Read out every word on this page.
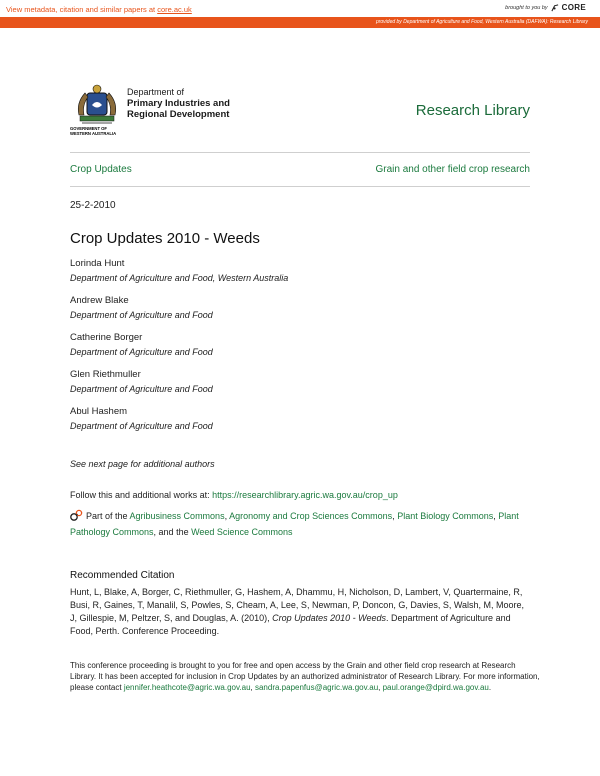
View metadata, citation and similar papers at core.ac.uk	brought to you by CORE
provided by Department of Agriculture and Food, Western Australia (DAFWA): Research Library
GOVERNMENT OF
WESTERN AUSTRALIA
Department of
Primary Industries and
Regional Development	Research Library
Crop Updates	Grain and other field crop research
25-2-2010
Crop Updates 2010 - Weeds
Lorinda Hunt
Department of Agriculture and Food, Western Australia
Andrew Blake
Department of Agriculture and Food
Catherine Borger
Department of Agriculture and Food
Glen Riethmuller
Department of Agriculture and Food
Abul Hashem
Department of Agriculture and Food
See next page for additional authors
Follow this and additional works at: https://researchlibrary.agric.wa.gov.au/crop_up
Part of the Agribusiness Commons, Agronomy and Crop Sciences Commons, Plant Biology Commons, Plant Pathology Commons, and the Weed Science Commons
Recommended Citation
Hunt, L, Blake, A, Borger, C, Riethmuller, G, Hashem, A, Dhammu, H, Nicholson, D, Lambert, V, Quartermaine, R, Busi, R, Gaines, T, Manalil, S, Powles, S, Cheam, A, Lee, S, Newman, P, Doncon, G, Davies, S, Walsh, M, Moore, J, Gillespie, M, Peltzer, S, and Douglas, A. (2010), Crop Updates 2010 - Weeds. Department of Agriculture and Food, Perth. Conference Proceeding.
This conference proceeding is brought to you for free and open access by the Grain and other field crop research at Research Library. It has been accepted for inclusion in Crop Updates by an authorized administrator of Research Library. For more information, please contact jennifer.heathcote@agric.wa.gov.au, sandra.papenfus@agric.wa.gov.au, paul.orange@dpird.wa.gov.au.
